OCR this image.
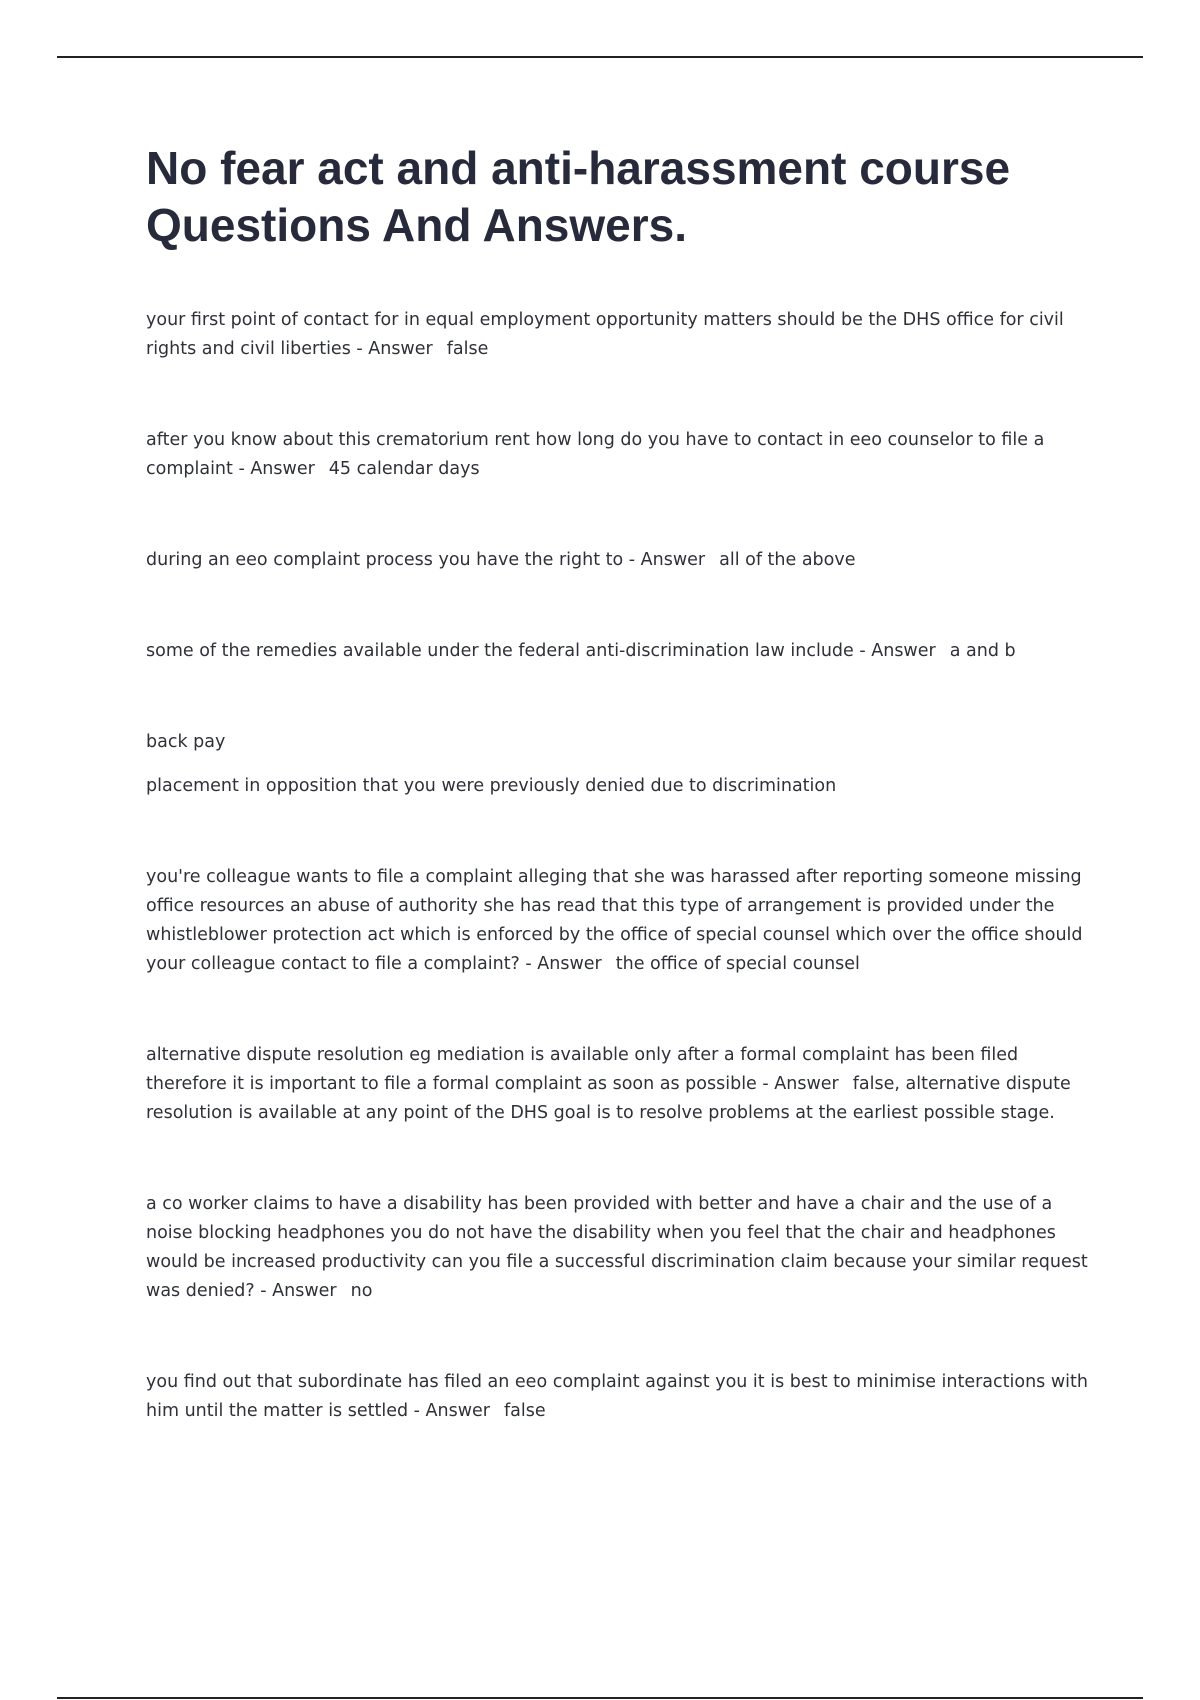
No fear act and anti-harassment course
Questions And Answers.

your first point of contact for in equal employment opportunity matters should be the DHS office for civil rights and civil liberties - Answer false

after you know about this crematorium rent how long do you have to contact in eeo counselor to file a complaint - Answer 45 calendar days

during an eeo complaint process you have the right to - Answer all of the above

some of the remedies available under the federal anti-discrimination law include - Answer a and b

back pay

placement in opposition that you were previously denied due to discrimination

you're colleague wants to file a complaint alleging that she was harassed after reporting someone missing office resources an abuse of authority she has read that this type of arrangement is provided under the whistleblower protection act which is enforced by the office of special counsel which over the office should your colleague contact to file a complaint? - Answer the office of special counsel

alternative dispute resolution eg mediation is available only after a formal complaint has been filed therefore it is important to file a formal complaint as soon as possible - Answer false, alternative dispute resolution is available at any point of the DHS goal is to resolve problems at the earliest possible stage.

a co worker claims to have a disability has been provided with better and have a chair and the use of a noise blocking headphones you do not have the disability when you feel that the chair and headphones would be increased productivity can you file a successful discrimination claim because your similar request was denied? - Answer no

you find out that subordinate has filed an eeo complaint against you it is best to minimise interactions with him until the matter is settled - Answer false
